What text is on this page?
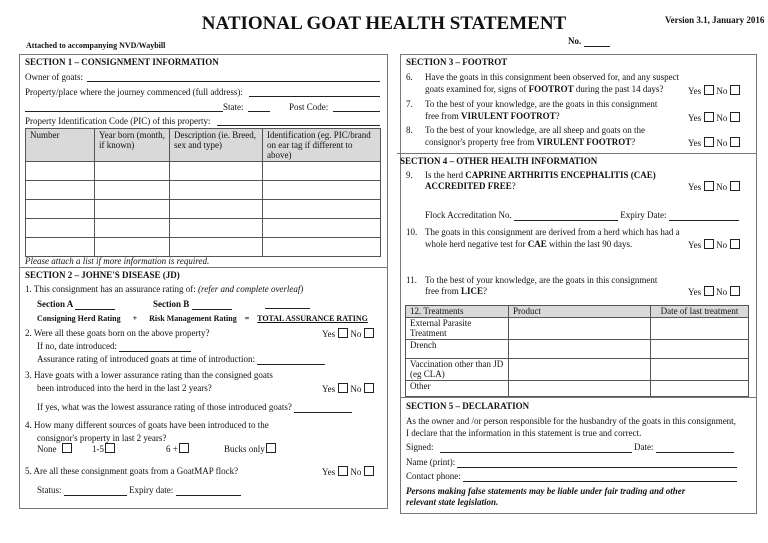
NATIONAL GOAT HEALTH STATEMENT	Version 3.1, January 2016
Attached to accompanying NVD/Waybill	No.
SECTION 1 – CONSIGNMENT INFORMATION
Owner of goats:
Property/place where the journey commenced (full address):
State:	Post Code:
Property Identification Code (PIC) of this property:
Number	Year born (month, if known)	Description (ie. Breed, sex and type)	Identification (eg. PIC/brand on ear tag if different to above)

Please attach a list if more information is required.
SECTION 2 – JOHNE'S DISEASE (JD)
1. This consignment has an assurance rating of: (refer and complete overleaf)
Section A	Section B
Consigning Herd Rating + Risk Management Rating = TOTAL ASSURANCE RATING
2. Were all these goats born on the above property?	Yes No
If no, date introduced:
Assurance rating of introduced goats at time of introduction:
3. Have goats with a lower assurance rating than the consigned goats
been introduced into the herd in the last 2 years?	Yes No
If yes, what was the lowest assurance rating of those introduced goats?
4. How many different sources of goats have been introduced to the
consignor's property in last 2 years?
None	1-5	6 +	Bucks only
5. Are all these consignment goats from a GoatMAP flock?	Yes No
Status:	Expiry date:
SECTION 3 – FOOTROT
6. Have the goats in this consignment been observed for, and any suspect
goats examined for, signs of FOOTROT during the past 14 days?	Yes No
7. To the best of your knowledge, are the goats in this consignment
free from VIRULENT FOOTROT?	Yes No
8. To the best of your knowledge, are all sheep and goats on the
consignor's property free from VIRULENT FOOTROT?	Yes No
SECTION 4 – OTHER HEALTH INFORMATION
9. Is the herd CAPRINE ARTHRITIS ENCEPHALITIS (CAE)
ACCREDITED FREE?	Yes No
Flock Accreditation No.	Expiry Date:
10. The goats in this consignment are derived from a herd which has had a
whole herd negative test for CAE within the last 90 days.	Yes No
11. To the best of your knowledge, are the goats in this consignment
free from LICE?	Yes No
12. Treatments	Product	Date of last treatment
External Parasite Treatment		
Drench		
Vaccination other than JD (eg CLA)		
Other		
SECTION 5 – DECLARATION
As the owner and /or person responsible for the husbandry of the goats in this consignment,
I declare that the information in this statement is true and correct.
Signed:	Date:
Name (print):
Contact phone:
Persons making false statements may be liable under fair trading and other
relevant state legislation.
